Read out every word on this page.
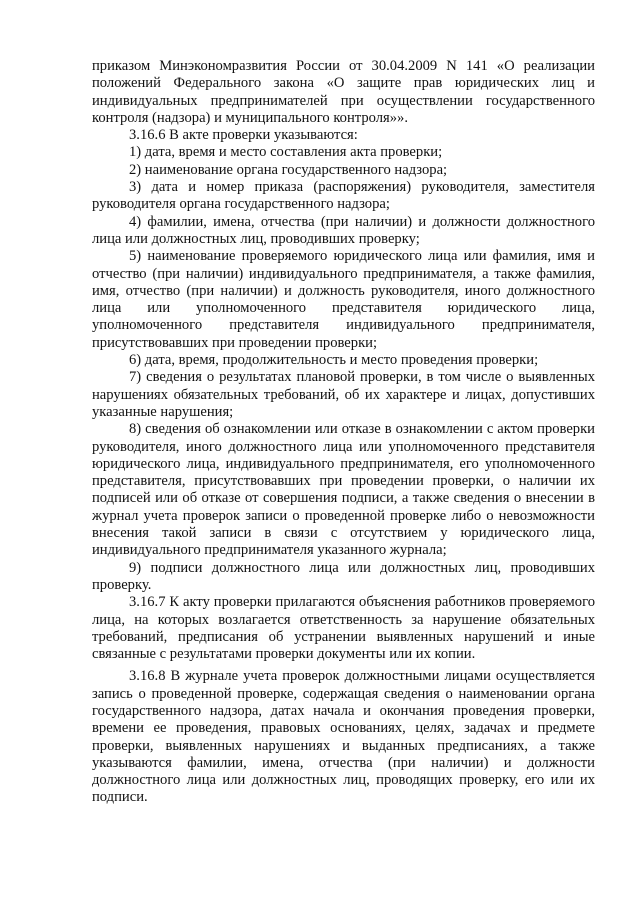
приказом Минэкономразвития России от 30.04.2009 N 141 «О реализации положений Федерального закона «О защите прав юридических лиц и индивидуальных предпринимателей при осуществлении государственного контроля (надзора) и муниципального контроля»».

3.16.6 В акте проверки указываются:

1) дата, время и место составления акта проверки;

2) наименование органа государственного надзора;

3) дата и номер приказа (распоряжения) руководителя, заместителя руководителя органа государственного надзора;

4) фамилии, имена, отчества (при наличии) и должности должностного лица или должностных лиц, проводивших проверку;

5) наименование проверяемого юридического лица или фамилия, имя и отчество (при наличии) индивидуального предпринимателя, а также фамилия, имя, отчество (при наличии) и должность руководителя, иного должностного лица или уполномоченного представителя юридического лица, уполномоченного представителя индивидуального предпринимателя, присутствовавших при проведении проверки;

6) дата, время, продолжительность и место проведения проверки;

7) сведения о результатах плановой проверки, в том числе о выявленных нарушениях обязательных требований, об их характере и лицах, допустивших указанные нарушения;

8) сведения об ознакомлении или отказе в ознакомлении с актом проверки руководителя, иного должностного лица или уполномоченного представителя юридического лица, индивидуального предпринимателя, его уполномоченного представителя, присутствовавших при проведении проверки, о наличии их подписей или об отказе от совершения подписи, а также сведения о внесении в журнал учета проверок записи о проведенной проверке либо о невозможности внесения такой записи в связи с отсутствием у юридического лица, индивидуального предпринимателя указанного журнала;

9) подписи должностного лица или должностных лиц, проводивших проверку.

3.16.7 К акту проверки прилагаются объяснения работников проверяемого лица, на которых возлагается ответственность за нарушение обязательных требований, предписания об устранении выявленных нарушений и иные связанные с результатами проверки документы или их копии.

3.16.8 В журнале учета проверок должностными лицами осуществляется запись о проведенной проверке, содержащая сведения о наименовании органа государственного надзора, датах начала и окончания проведения проверки, времени ее проведения, правовых основаниях, целях, задачах и предмете проверки, выявленных нарушениях и выданных предписаниях, а также указываются фамилии, имена, отчества (при наличии) и должности должностного лица или должностных лиц, проводящих проверку, его или их подписи.
